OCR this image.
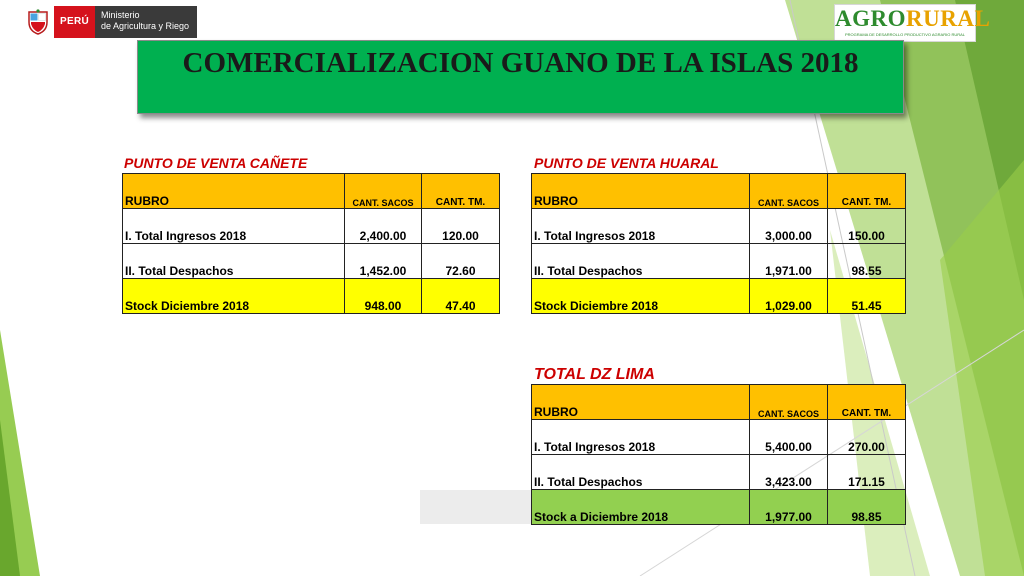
PERÚ
Ministerio
de Agricultura y Riego	AGRORURAL
PROGRAMA DE DESARROLLO PRODUCTIVO AGRARIO RURAL
COMERCIALIZACION GUANO DE LA ISLAS 2018
PUNTO DE VENTA CAÑETE
RUBRO	CANT. SACOS	CANT. TM.
I. Total Ingresos 2018	2,400.00	120.00
II. Total Despachos	1,452.00	72.60
Stock Diciembre 2018	948.00	47.40
PUNTO DE VENTA HUARAL
RUBRO	CANT. SACOS	CANT. TM.
I. Total Ingresos 2018	3,000.00	150.00
II. Total Despachos	1,971.00	98.55
Stock Diciembre 2018	1,029.00	51.45
TOTAL DZ LIMA
RUBRO	CANT. SACOS	CANT. TM.
I. Total Ingresos 2018	5,400.00	270.00
II. Total Despachos	3,423.00	171.15
Stock a Diciembre 2018	1,977.00	98.85
